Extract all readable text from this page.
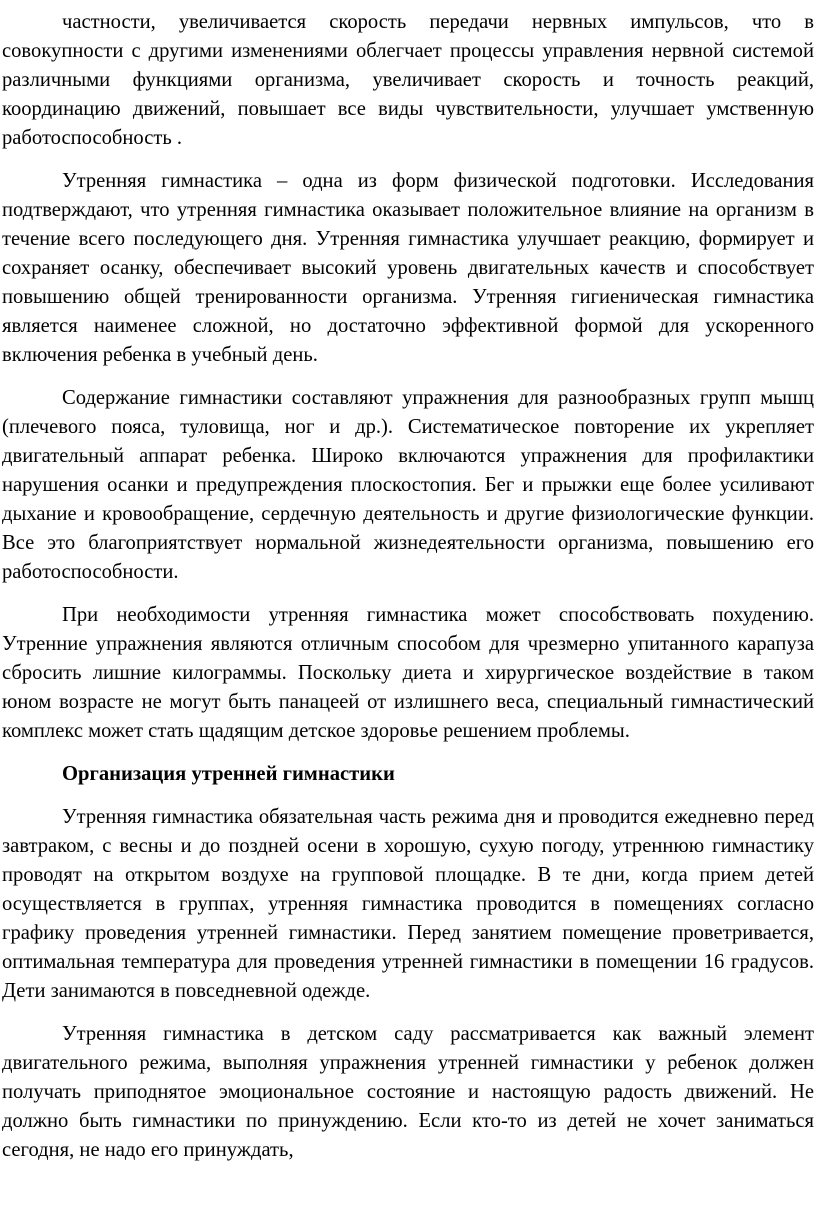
частности, увеличивается скорость передачи нервных импульсов, что в совокупности с другими изменениями облегчает процессы управления нервной системой различными функциями организма, увеличивает скорость и точность реакций, координацию движений, повышает все виды чувствительности, улучшает умственную работоспособность .

Утренняя гимнастика – одна из форм физической подготовки. Исследования подтверждают, что утренняя гимнастика оказывает положительное влияние на организм в течение всего последующего дня. Утренняя гимнастика улучшает реакцию, формирует и сохраняет осанку, обеспечивает высокий уровень двигательных качеств и способствует повышению общей тренированности организма. Утренняя гигиеническая гимнастика является наименее сложной, но достаточно эффективной формой для ускоренного включения ребенка в учебный день.

Содержание гимнастики составляют упражнения для разнообразных групп мышц (плечевого пояса, туловища, ног и др.). Систематическое повторение их укрепляет двигательный аппарат ребенка. Широко включаются упражнения для профилактики нарушения осанки и предупреждения плоскостопия. Бег и прыжки еще более усиливают дыхание и кровообращение, сердечную деятельность и другие физиологические функции. Все это благоприятствует нормальной жизнедеятельности организма, повышению его работоспособности.

При необходимости утренняя гимнастика может способствовать похудению. Утренние упражнения являются отличным способом для чрезмерно упитанного карапуза сбросить лишние килограммы. Поскольку диета и хирургическое воздействие в таком юном возрасте не могут быть панацеей от излишнего веса, специальный гимнастический комплекс может стать щадящим детское здоровье решением проблемы.

Организация утренней гимнастики

Утренняя гимнастика обязательная часть режима дня и проводится ежедневно перед завтраком, с весны и до поздней осени в хорошую, сухую погоду, утреннюю гимнастику проводят на открытом воздухе на групповой площадке. В те дни, когда прием детей осуществляется в группах, утренняя гимнастика проводится в помещениях согласно графику проведения утренней гимнастики. Перед занятием помещение проветривается, оптимальная температура для проведения утренней гимнастики в помещении 16 градусов. Дети занимаются в повседневной одежде.

Утренняя гимнастика в детском саду рассматривается как важный элемент двигательного режима, выполняя упражнения утренней гимнастики у ребенок должен получать приподнятое эмоциональное состояние и настоящую радость движений. Не должно быть гимнастики по принуждению. Если кто-то из детей не хочет заниматься сегодня, не надо его принуждать,
